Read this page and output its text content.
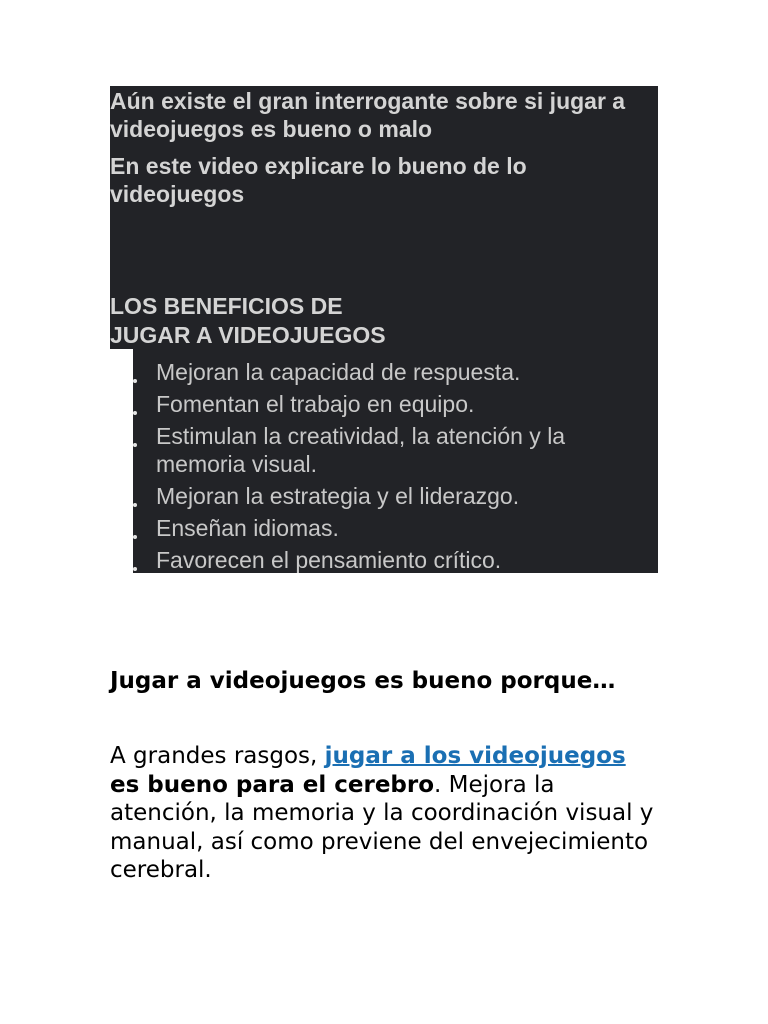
Aún existe el gran interrogante sobre si jugar a videojuegos es bueno o malo

En este video explicare lo bueno de lo videojuegos

LOS BENEFICIOS DE
JUGAR A VIDEOJUEGOS
Mejoran la capacidad de respuesta.
Fomentan el trabajo en equipo.
Estimulan la creatividad, la atención y la memoria visual.
Mejoran la estrategia y el liderazgo.
Enseñan idiomas.
Favorecen el pensamiento crítico.
Jugar a videojuegos es bueno porque…

A grandes rasgos, jugar a los videojuegos es bueno para el cerebro. Mejora la atención, la memoria y la coordinación visual y manual, así como previene del envejecimiento cerebral.
